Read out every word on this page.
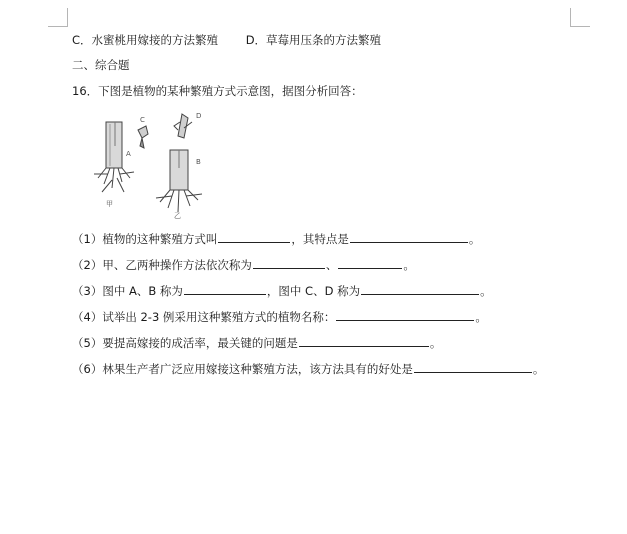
C．水蜜桃用嫁接的方法繁殖 D．草莓用压条的方法繁殖
二、综合题
16．下图是植物的某种繁殖方式示意图，据图分析回答：
C	D
A
B
甲
乙
（1）植物的这种繁殖方式叫	，其特点是	。
（2）甲、乙两种操作方法依次称为	、	。
（3）图中 A、B 称为	，图中 C、D 称为	。
（4）试举出 2-3 例采用这种繁殖方式的植物名称：	。
（5）要提高嫁接的成活率，最关键的问题是	。
（6）林果生产者广泛应用嫁接这种繁殖方法，该方法具有的好处是	。
